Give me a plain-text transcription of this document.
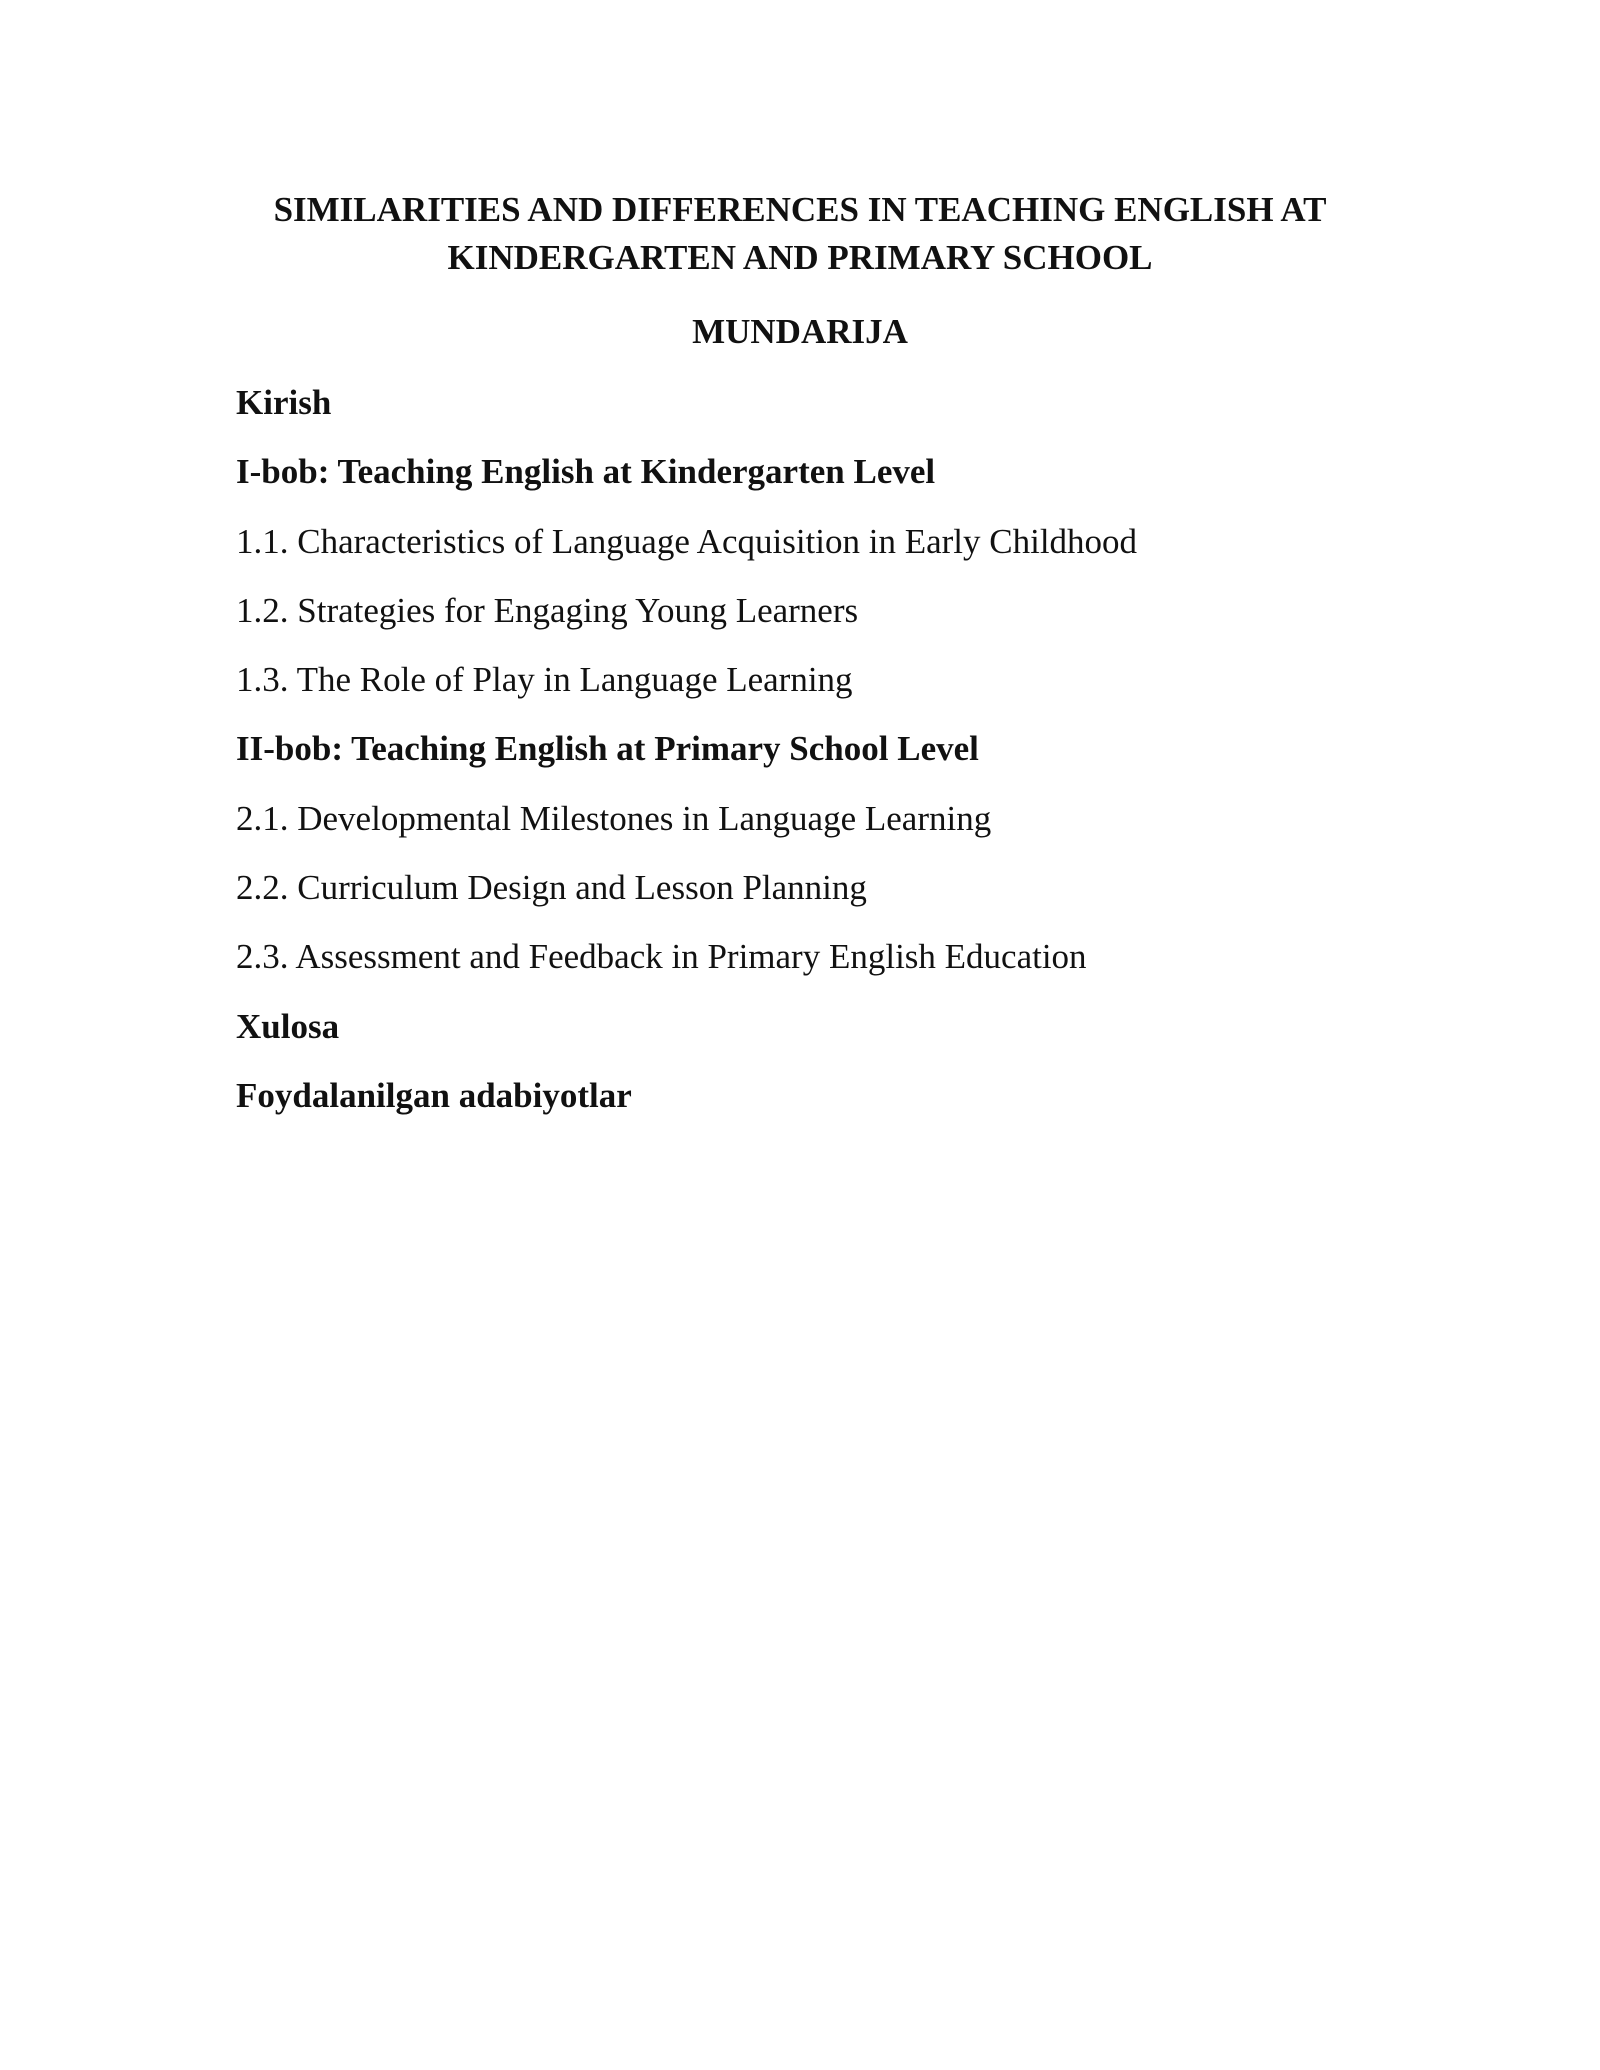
SIMILARITIES AND DIFFERENCES IN TEACHING ENGLISH AT
KINDERGARTEN AND PRIMARY SCHOOL
MUNDARIJA
Kirish
I-bob: Teaching English at Kindergarten Level
1.1. Characteristics of Language Acquisition in Early Childhood
1.2. Strategies for Engaging Young Learners
1.3. The Role of Play in Language Learning
II-bob: Teaching English at Primary School Level
2.1. Developmental Milestones in Language Learning
2.2. Curriculum Design and Lesson Planning
2.3. Assessment and Feedback in Primary English Education
Xulosa
Foydalanilgan adabiyotlar
